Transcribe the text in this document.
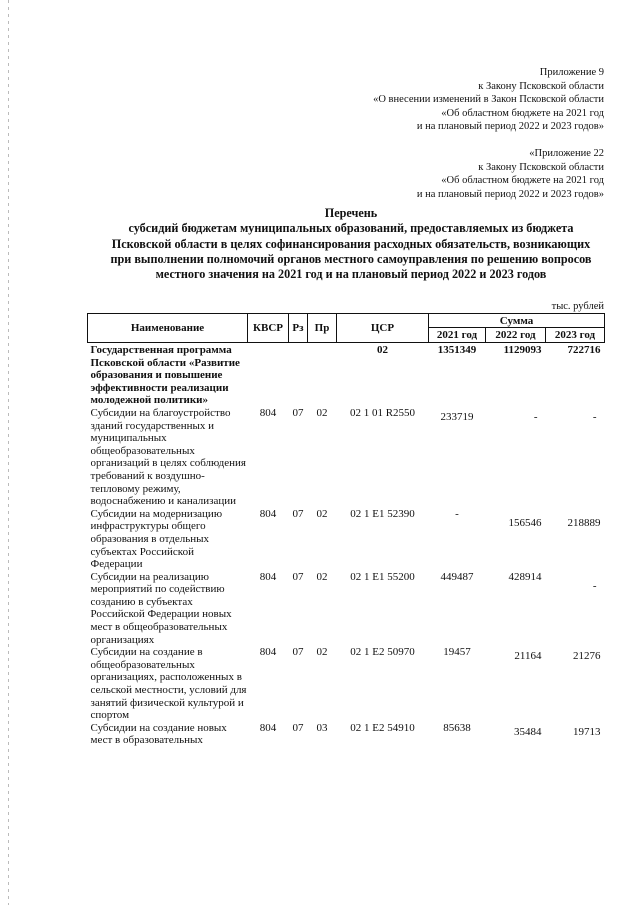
Приложение 9
к Закону Псковской области
«О внесении изменений в Закон Псковской области
«Об областном бюджете на 2021 год
и на плановый период 2022 и 2023 годов»
«Приложение 22
к Закону Псковской области
«Об областном бюджете на 2021 год
и на плановый период 2022 и 2023 годов»
Перечень
субсидий бюджетам муниципальных образований, предоставляемых из бюджета
Псковской области в целях софинансирования расходных обязательств, возникающих
при выполнении полномочий органов местного самоуправления по решению вопросов
местного значения на 2021 год и на плановый период 2022 и 2023 годов
тыс. рублей
Наименование	КВСР	Рз	Пр	ЦСР	Сумма		
					2021 год	2022 год	2023 год
Государственная программа Псковской области «Развитие образования и повышение эффективности реализации молодежной политики»				02	1351349	1129093	722716
Субсидии на благоустройство зданий государственных и муниципальных общеобразовательных организаций в целях соблюдения требований к воздушно-тепловому режиму, водоснабжению и канализации	804	07	02	02 1 01 R2550	233719	-	-
Субсидии на модернизацию инфраструктуры общего образования в отдельных субъектах Российской Федерации	804	07	02	02 1 E1 52390	-	156546	218889
Субсидии на реализацию мероприятий по содействию созданию в субъектах Российской Федерации новых мест в общеобразовательных организациях	804	07	02	02 1 E1 55200	449487	428914	-
Субсидии на создание в общеобразовательных организациях, расположенных в сельской местности, условий для занятий физической культурой и спортом	804	07	02	02 1 E2 50970	19457	21164	21276
Субсидии на создание новых мест в образовательных	804	07	03	02 1 E2 54910	85638	35484	19713
